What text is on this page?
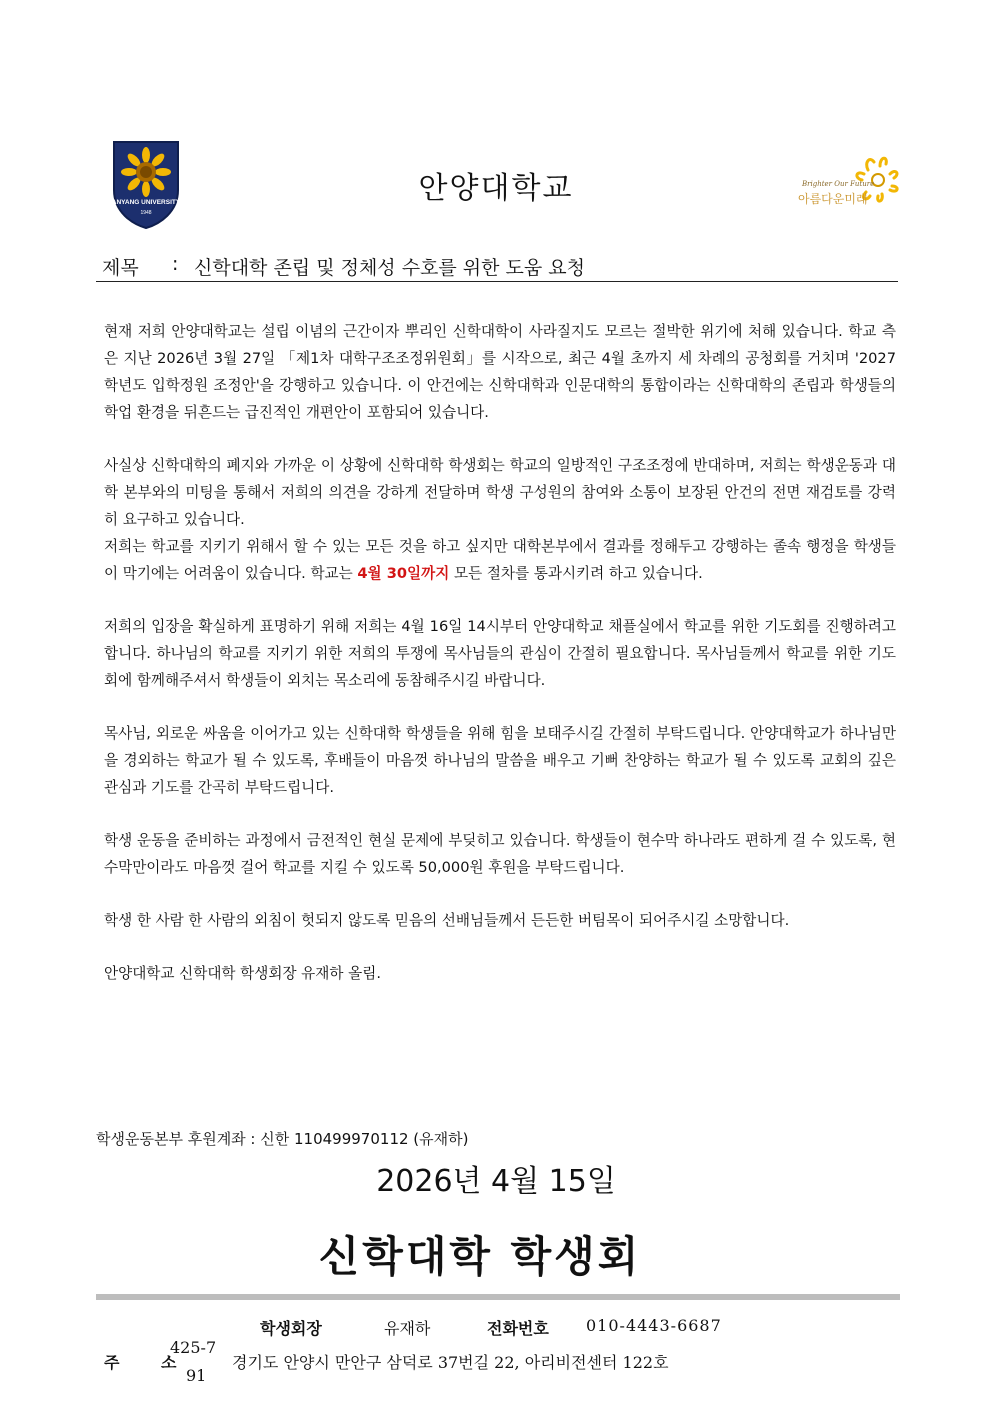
ANYANG UNIVERSITY
1948
안양대학교	Brighter Our Future
아름다운미래
제목 : 신학대학 존립 및 정체성 수호를 위한 도움 요청

현재 저희 안양대학교는 설립 이념의 근간이자 뿌리인 신학대학이 사라질지도 모르는 절박한 위기에 처해 있습니다. 학교 측은 지난 2026년 3월 27일 「제1차 대학구조조정위원회」를 시작으로, 최근 4월 초까지 세 차례의 공청회를 거치며 '2027학년도 입학정원 조정안'을 강행하고 있습니다. 이 안건에는 신학대학과 인문대학의 통합이라는 신학대학의 존립과 학생들의 학업 환경을 뒤흔드는 급진적인 개편안이 포함되어 있습니다.

사실상 신학대학의 폐지와 가까운 이 상황에 신학대학 학생회는 학교의 일방적인 구조조정에 반대하며, 저희는 학생운동과 대학 본부와의 미팅을 통해서 저희의 의견을 강하게 전달하며 학생 구성원의 참여와 소통이 보장된 안건의 전면 재검토를 강력히 요구하고 있습니다.

저희는 학교를 지키기 위해서 할 수 있는 모든 것을 하고 싶지만 대학본부에서 결과를 정해두고 강행하는 졸속 행정을 학생들이 막기에는 어려움이 있습니다. 학교는 4월 30일까지 모든 절차를 통과시키려 하고 있습니다.

저희의 입장을 확실하게 표명하기 위해 저희는 4월 16일 14시부터 안양대학교 채플실에서 학교를 위한 기도회를 진행하려고 합니다. 하나님의 학교를 지키기 위한 저희의 투쟁에 목사님들의 관심이 간절히 필요합니다. 목사님들께서 학교를 위한 기도회에 함께해주셔서 학생들이 외치는 목소리에 동참해주시길 바랍니다.

목사님, 외로운 싸움을 이어가고 있는 신학대학 학생들을 위해 힘을 보태주시길 간절히 부탁드립니다. 안양대학교가 하나님만을 경외하는 학교가 될 수 있도록, 후배들이 마음껏 하나님의 말씀을 배우고 기뻐 찬양하는 학교가 될 수 있도록 교회의 깊은 관심과 기도를 간곡히 부탁드립니다.

학생 운동을 준비하는 과정에서 금전적인 현실 문제에 부딪히고 있습니다. 학생들이 현수막 하나라도 편하게 걸 수 있도록, 현수막만이라도 마음껏 걸어 학교를 지킬 수 있도록 50,000원 후원을 부탁드립니다.

학생 한 사람 한 사람의 외침이 헛되지 않도록 믿음의 선배님들께서 든든한 버팀목이 되어주시길 소망합니다.

안양대학교 신학대학 학생회장 유재하 올림.

학생운동본부 후원계좌 : 신한 110499970112 (유재하)
2026년 4월 15일
신학대학 학생회
학생회장	유재하	전화번호 010-4443-6687
주 소
425-7
91
경기도 안양시 만안구 삼덕로 37번길 22, 아리비전센터 122호
